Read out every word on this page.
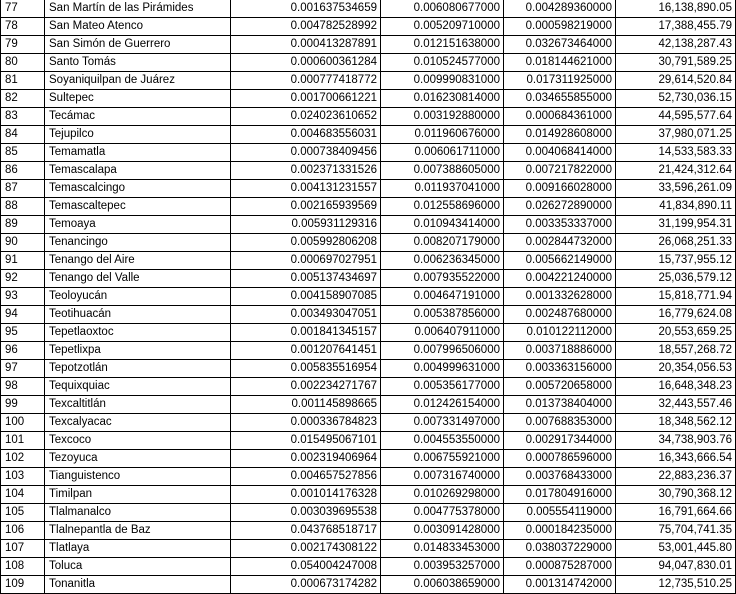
77	San Martín de las Pirámides	0.001637534659	0.006080677000	0.004289360000	16,138,890.05
78	San Mateo Atenco	0.004782528992	0.005209710000	0.000598219000	17,388,455.79
79	San Simón de Guerrero	0.000413287891	0.012151638000	0.032673464000	42,138,287.43
80	Santo Tomás	0.000600361284	0.010524577000	0.018144621000	30,791,589.25
81	Soyaniquilpan de Juárez	0.000777418772	0.009990831000	0.017311925000	29,614,520.84
82	Sultepec	0.001700661221	0.016230814000	0.034655855000	52,730,036.15
83	Tecámac	0.024023610652	0.003192880000	0.000684361000	44,595,577.64
84	Tejupilco	0.004683556031	0.011960676000	0.014928608000	37,980,071.25
85	Temamatla	0.000738409456	0.006061711000	0.004068414000	14,533,583.33
86	Temascalapa	0.002371331526	0.007388605000	0.007217822000	21,424,312.64
87	Temascalcingo	0.004131231557	0.011937041000	0.009166028000	33,596,261.09
88	Temascaltepec	0.002165939569	0.012558696000	0.026272890000	41,834,890.11
89	Temoaya	0.005931129316	0.010943414000	0.003353337000	31,199,954.31
90	Tenancingo	0.005992806208	0.008207179000	0.002844732000	26,068,251.33
91	Tenango del Aire	0.000697027951	0.006236345000	0.005662149000	15,737,955.12
92	Tenango del Valle	0.005137434697	0.007935522000	0.004221240000	25,036,579.12
93	Teoloyucán	0.004158907085	0.004647191000	0.001332628000	15,818,771.94
94	Teotihuacán	0.003493047051	0.005387856000	0.002487680000	16,779,624.08
95	Tepetlaoxtoc	0.001841345157	0.006407911000	0.010122112000	20,553,659.25
96	Tepetlixpa	0.001207641451	0.007996506000	0.003718886000	18,557,268.72
97	Tepotzotlán	0.005835516954	0.004999631000	0.003363156000	20,354,056.53
98	Tequixquiac	0.002234271767	0.005356177000	0.005720658000	16,648,348.23
99	Texcaltitlán	0.001145898665	0.012426154000	0.013738404000	32,443,557.46
100	Texcalyacac	0.000336784823	0.007331497000	0.007688353000	18,348,562.12
101	Texcoco	0.015495067101	0.004553550000	0.002917344000	34,738,903.76
102	Tezoyuca	0.002319406964	0.006755921000	0.000786596000	16,343,666.54
103	Tianguistenco	0.004657527856	0.007316740000	0.003768433000	22,883,236.37
104	Timilpan	0.001014176328	0.010269298000	0.017804916000	30,790,368.12
105	Tlalmanalco	0.003039695538	0.004775378000	0.005554119000	16,791,664.66
106	Tlalnepantla de Baz	0.043768518717	0.003091428000	0.000184235000	75,704,741.35
107	Tlatlaya	0.002174308122	0.014833453000	0.038037229000	53,001,445.80
108	Toluca	0.054004247008	0.003953257000	0.000875287000	94,047,830.01
109	Tonanitla	0.000673174282	0.006038659000	0.001314742000	12,735,510.25
